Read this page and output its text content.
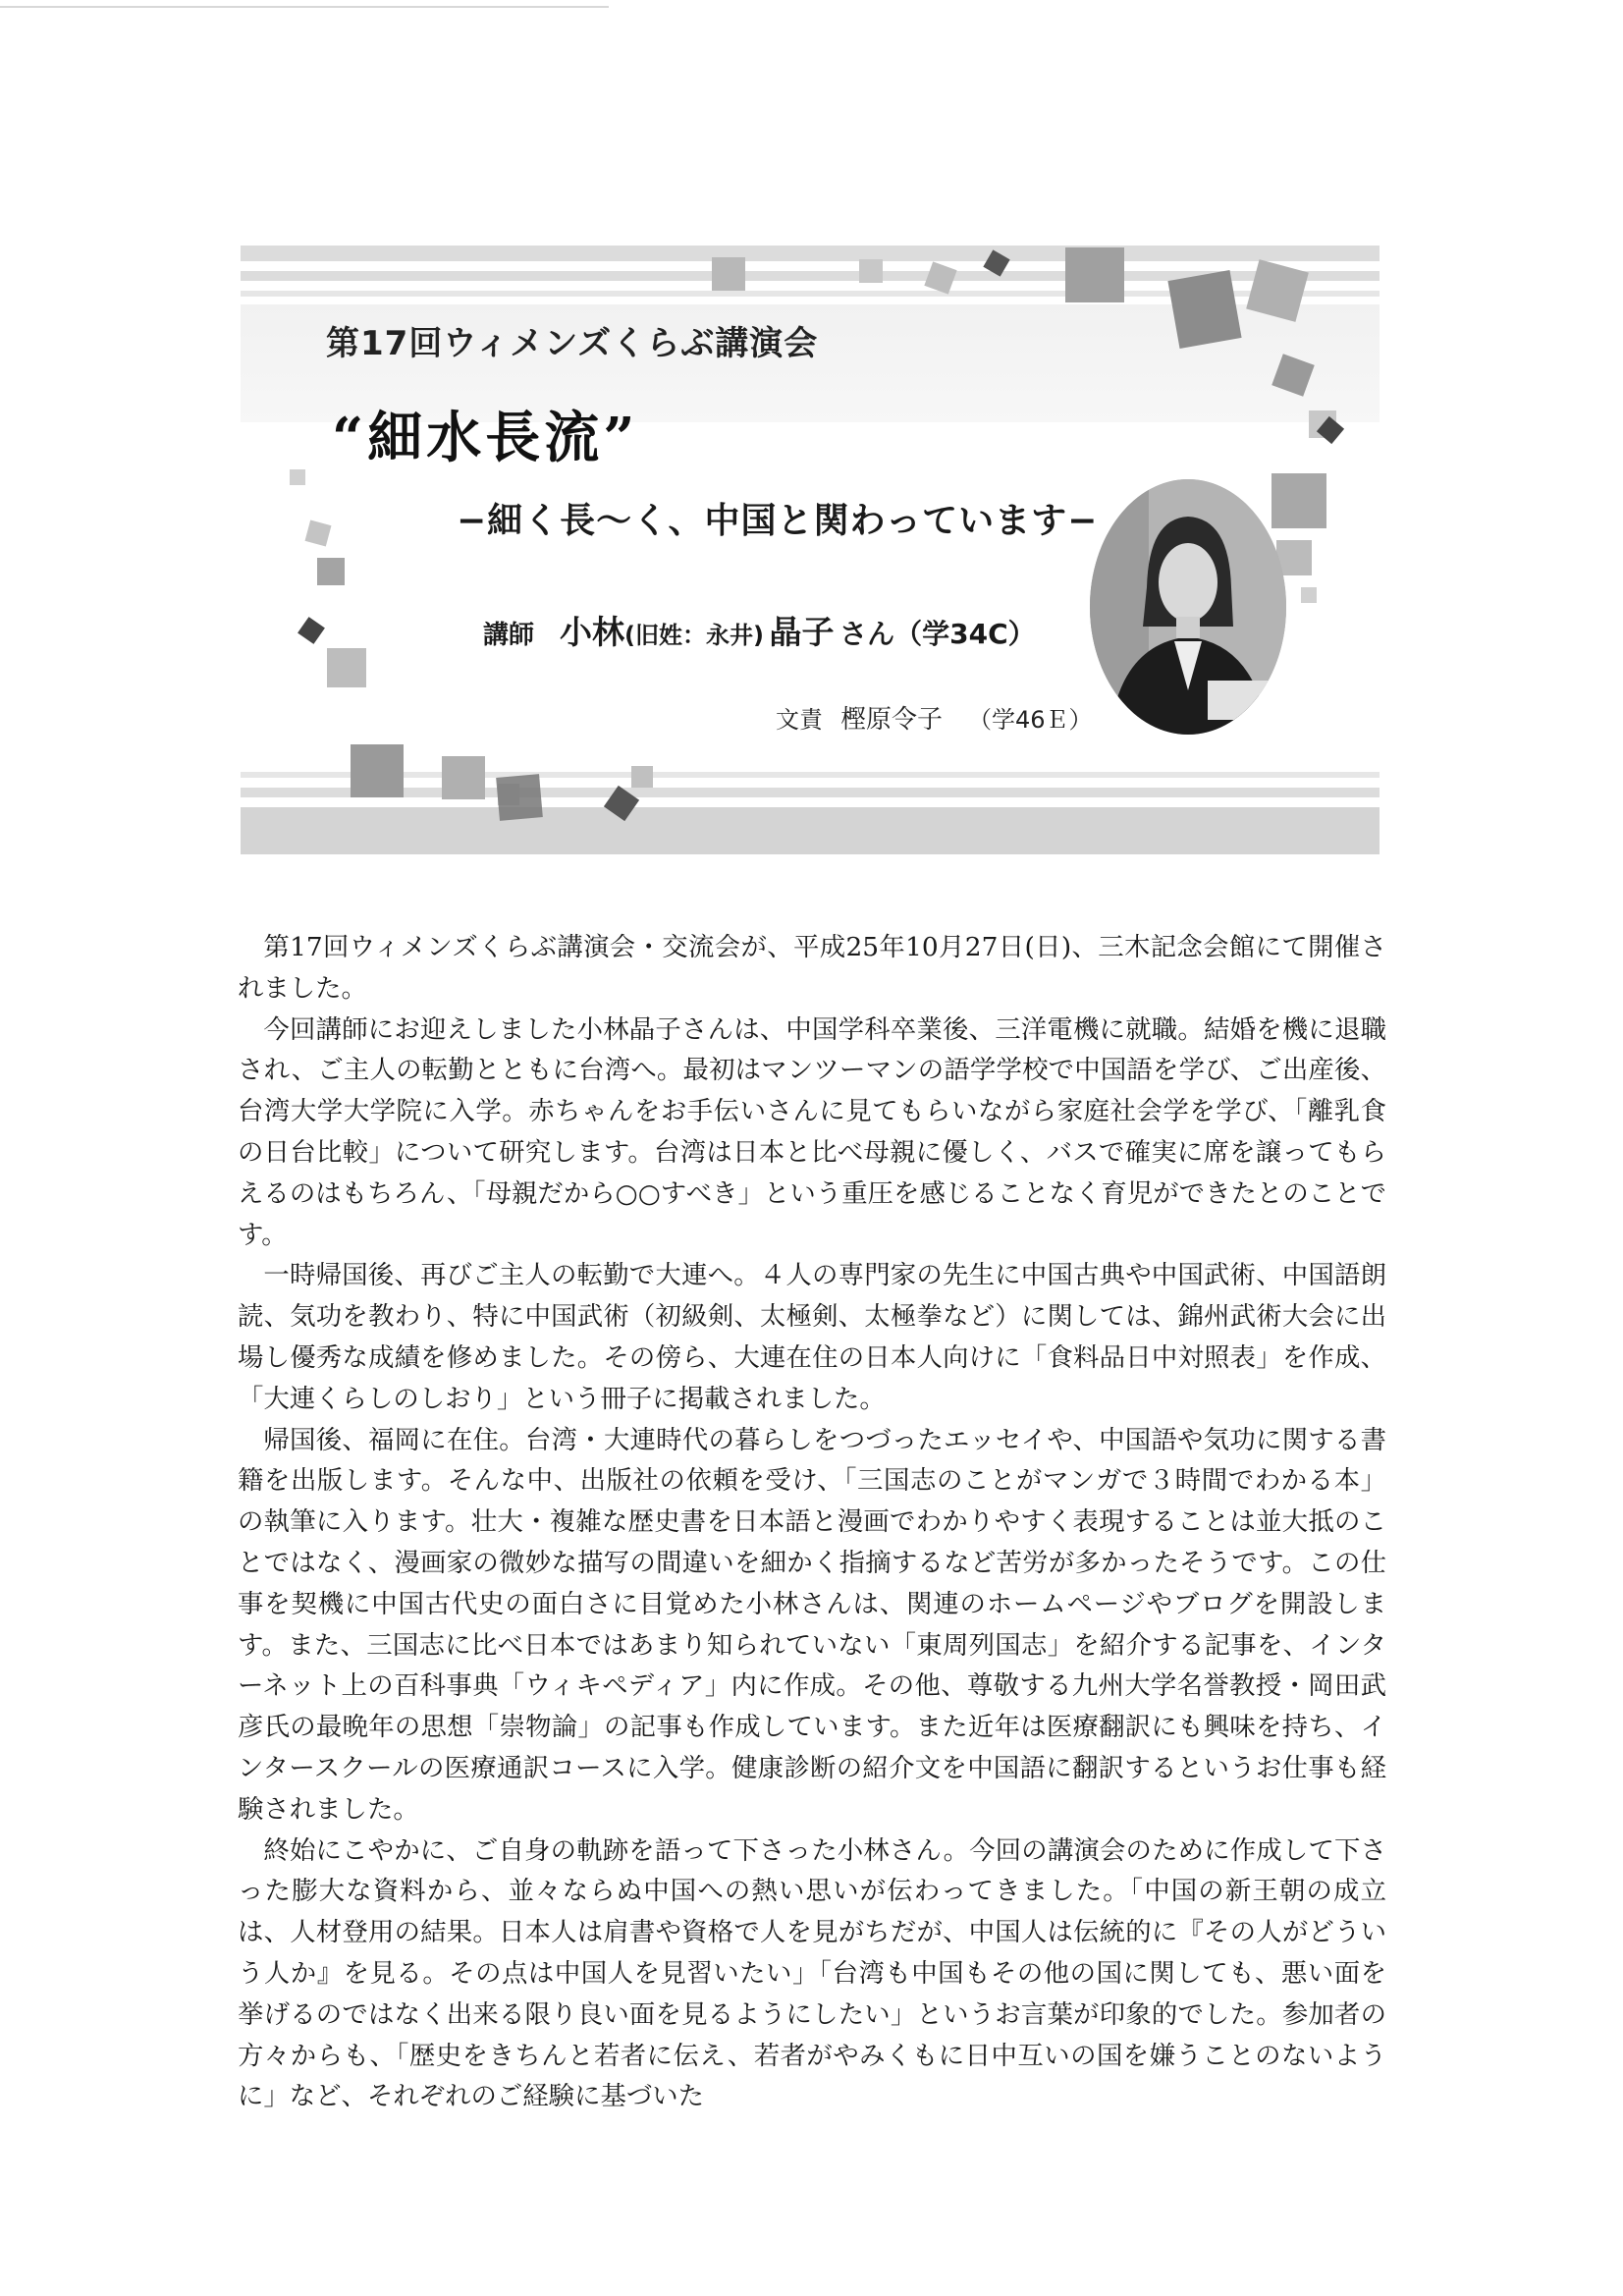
第17回ウィメンズくらぶ講演会
“細水長流”
−細く長〜く、中国と関わっています−
講師 小林(旧姓：永井) 晶子 さん（学34C）
文責 樫原令子 （学46Ｅ）

第17回ウィメンズくらぶ講演会・交流会が、平成25年10月27日(日)、三木記念会館にて開催されました。

今回講師にお迎えしました小林晶子さんは、中国学科卒業後、三洋電機に就職。結婚を機に退職され、ご主人の転勤とともに台湾へ。最初はマンツーマンの語学学校で中国語を学び、ご出産後、台湾大学大学院に入学。赤ちゃんをお手伝いさんに見てもらいながら家庭社会学を学び、「離乳食の日台比較」について研究します。台湾は日本と比べ母親に優しく、バスで確実に席を譲ってもらえるのはもちろん、「母親だから○○すべき」という重圧を感じることなく育児ができたとのことです。

一時帰国後、再びご主人の転勤で大連へ。４人の専門家の先生に中国古典や中国武術、中国語朗読、気功を教わり、特に中国武術（初級剣、太極剣、太極拳など）に関しては、錦州武術大会に出場し優秀な成績を修めました。その傍ら、大連在住の日本人向けに「食料品日中対照表」を作成、「大連くらしのしおり」という冊子に掲載されました。

帰国後、福岡に在住。台湾・大連時代の暮らしをつづったエッセイや、中国語や気功に関する書籍を出版します。そんな中、出版社の依頼を受け、「三国志のことがマンガで３時間でわかる本」の執筆に入ります。壮大・複雑な歴史書を日本語と漫画でわかりやすく表現することは並大抵のことではなく、漫画家の微妙な描写の間違いを細かく指摘するなど苦労が多かったそうです。この仕事を契機に中国古代史の面白さに目覚めた小林さんは、関連のホームページやブログを開設します。また、三国志に比べ日本ではあまり知られていない「東周列国志」を紹介する記事を、インターネット上の百科事典「ウィキペディア」内に作成。その他、尊敬する九州大学名誉教授・岡田武彦氏の最晩年の思想「崇物論」の記事も作成しています。また近年は医療翻訳にも興味を持ち、インタースクールの医療通訳コースに入学。健康診断の紹介文を中国語に翻訳するというお仕事も経験されました。

終始にこやかに、ご自身の軌跡を語って下さった小林さん。今回の講演会のために作成して下さった膨大な資料から、並々ならぬ中国への熱い思いが伝わってきました。「中国の新王朝の成立は、人材登用の結果。日本人は肩書や資格で人を見がちだが、中国人は伝統的に『その人がどういう人か』を見る。その点は中国人を見習いたい」「台湾も中国もその他の国に関しても、悪い面を挙げるのではなく出来る限り良い面を見るようにしたい」というお言葉が印象的でした。参加者の方々からも、「歴史をきちんと若者に伝え、若者がやみくもに日中互いの国を嫌うことのないように」など、それぞれのご経験に基づいた
